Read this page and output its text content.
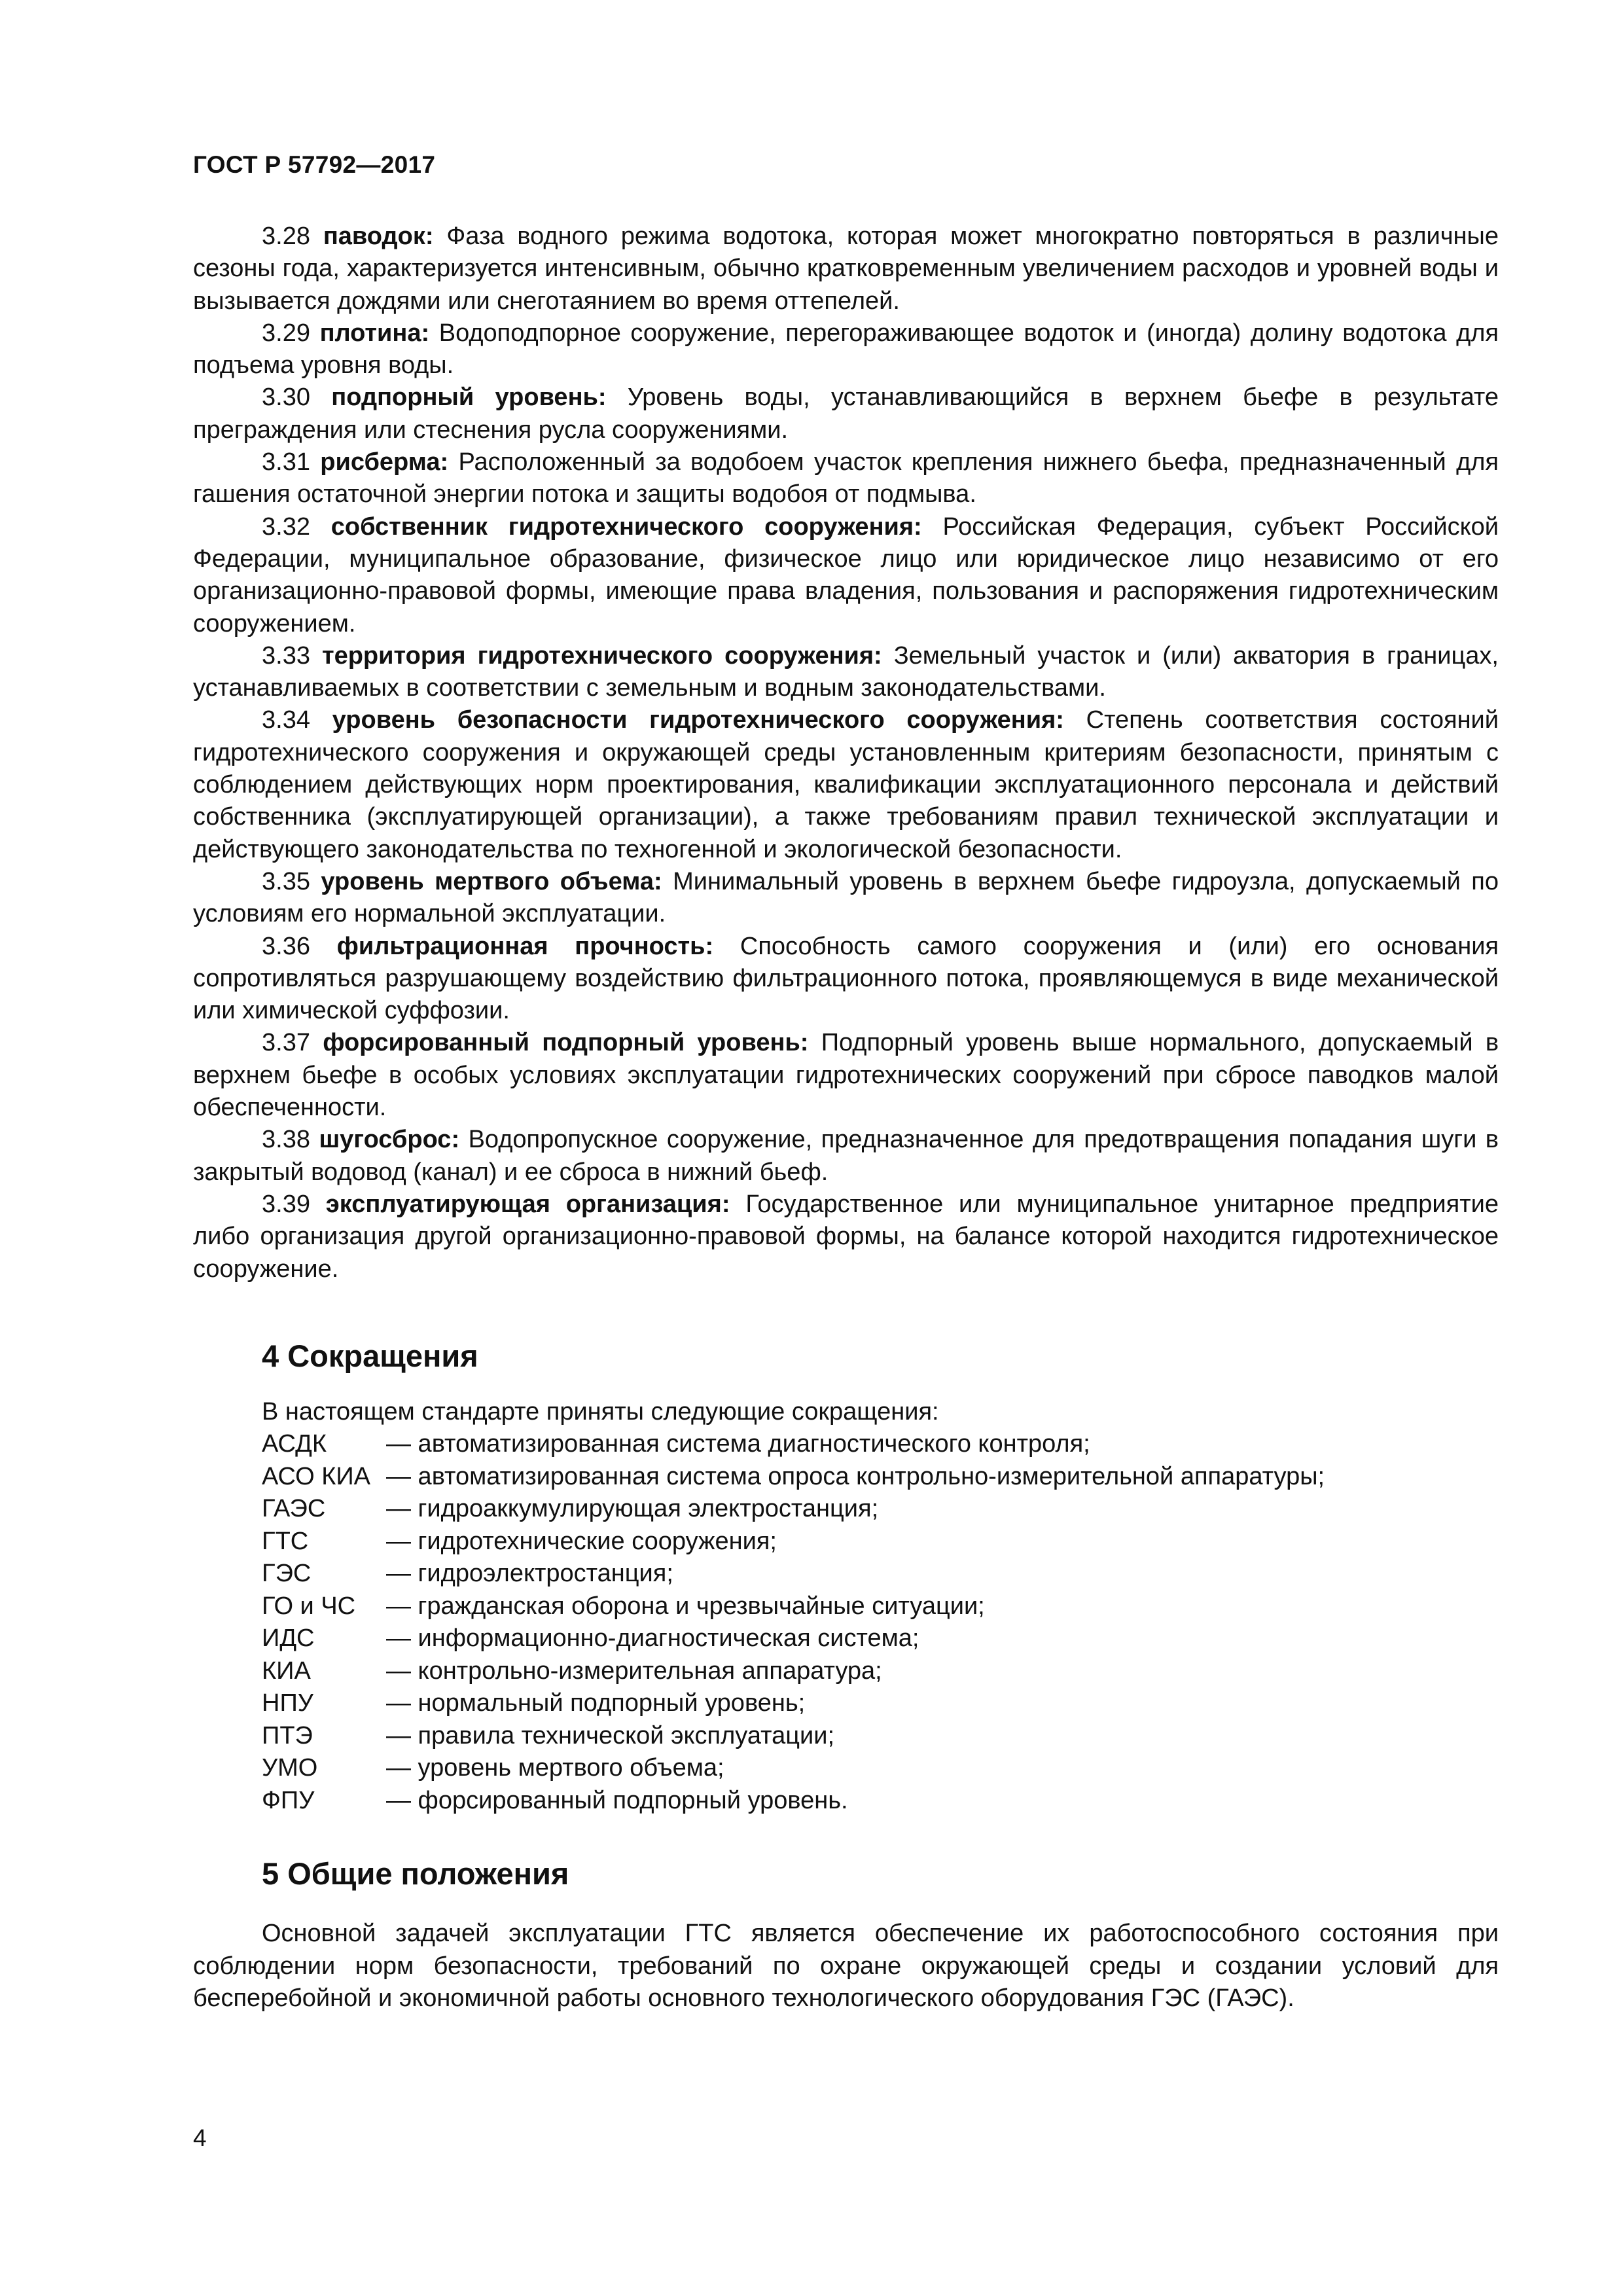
ГОСТ Р 57792—2017

3.28 паводок: Фаза водного режима водотока, которая может многократно повторяться в различные сезоны года, характеризуется интенсивным, обычно кратковременным увеличением расходов и уровней воды и вызывается дождями или снеготаянием во время оттепелей.

3.29 плотина: Водоподпорное сооружение, перегораживающее водоток и (иногда) долину водотока для подъема уровня воды.

3.30 подпорный уровень: Уровень воды, устанавливающийся в верхнем бьефе в результате преграждения или стеснения русла сооружениями.

3.31 рисберма: Расположенный за водобоем участок крепления нижнего бьефа, предназначенный для гашения остаточной энергии потока и защиты водобоя от подмыва.

3.32 собственник гидротехнического сооружения: Российская Федерация, субъект Российской Федерации, муниципальное образование, физическое лицо или юридическое лицо независимо от его организационно-правовой формы, имеющие права владения, пользования и распоряжения гидротехническим сооружением.

3.33 территория гидротехнического сооружения: Земельный участок и (или) акватория в границах, устанавливаемых в соответствии с земельным и водным законодательствами.

3.34 уровень безопасности гидротехнического сооружения: Степень соответствия состояний гидротехнического сооружения и окружающей среды установленным критериям безопасности, принятым с соблюдением действующих норм проектирования, квалификации эксплуатационного персонала и действий собственника (эксплуатирующей организации), а также требованиям правил технической эксплуатации и действующего законодательства по техногенной и экологической безопасности.

3.35 уровень мертвого объема: Минимальный уровень в верхнем бьефе гидроузла, допускаемый по условиям его нормальной эксплуатации.

3.36 фильтрационная прочность: Способность самого сооружения и (или) его основания сопротивляться разрушающему воздействию фильтрационного потока, проявляющемуся в виде механической или химической суффозии.

3.37 форсированный подпорный уровень: Подпорный уровень выше нормального, допускаемый в верхнем бьефе в особых условиях эксплуатации гидротехнических сооружений при сбросе паводков малой обеспеченности.

3.38 шугосброс: Водопропускное сооружение, предназначенное для предотвращения попадания шуги в закрытый водовод (канал) и ее сброса в нижний бьеф.

3.39 эксплуатирующая организация: Государственное или муниципальное унитарное предприятие либо организация другой организационно-правовой формы, на балансе которой находится гидротехническое сооружение.

4 Сокращения
В настоящем стандарте приняты следующие сокращения:
АСДК	— автоматизированная система диагностического контроля;
АСО КИА — автоматизированная система опроса контрольно-измерительной аппаратуры;
ГАЭС	— гидроаккумулирующая электростанция;
ГТС	— гидротехнические сооружения;
ГЭС	— гидроэлектростанция;
ГО и ЧС	— гражданская оборона и чрезвычайные ситуации;
ИДС	— информационно-диагностическая система;
КИА	— контрольно-измерительная аппаратура;
НПУ	— нормальный подпорный уровень;
ПТЭ	— правила технической эксплуатации;
УМО	— уровень мертвого объема;
ФПУ	— форсированный подпорный уровень.
5 Общие положения
Основной задачей эксплуатации ГТС является обеспечение их работоспособного состояния при соблюдении норм безопасности, требований по охране окружающей среды и создании условий для бесперебойной и экономичной работы основного технологического оборудования ГЭС (ГАЭС).
4
